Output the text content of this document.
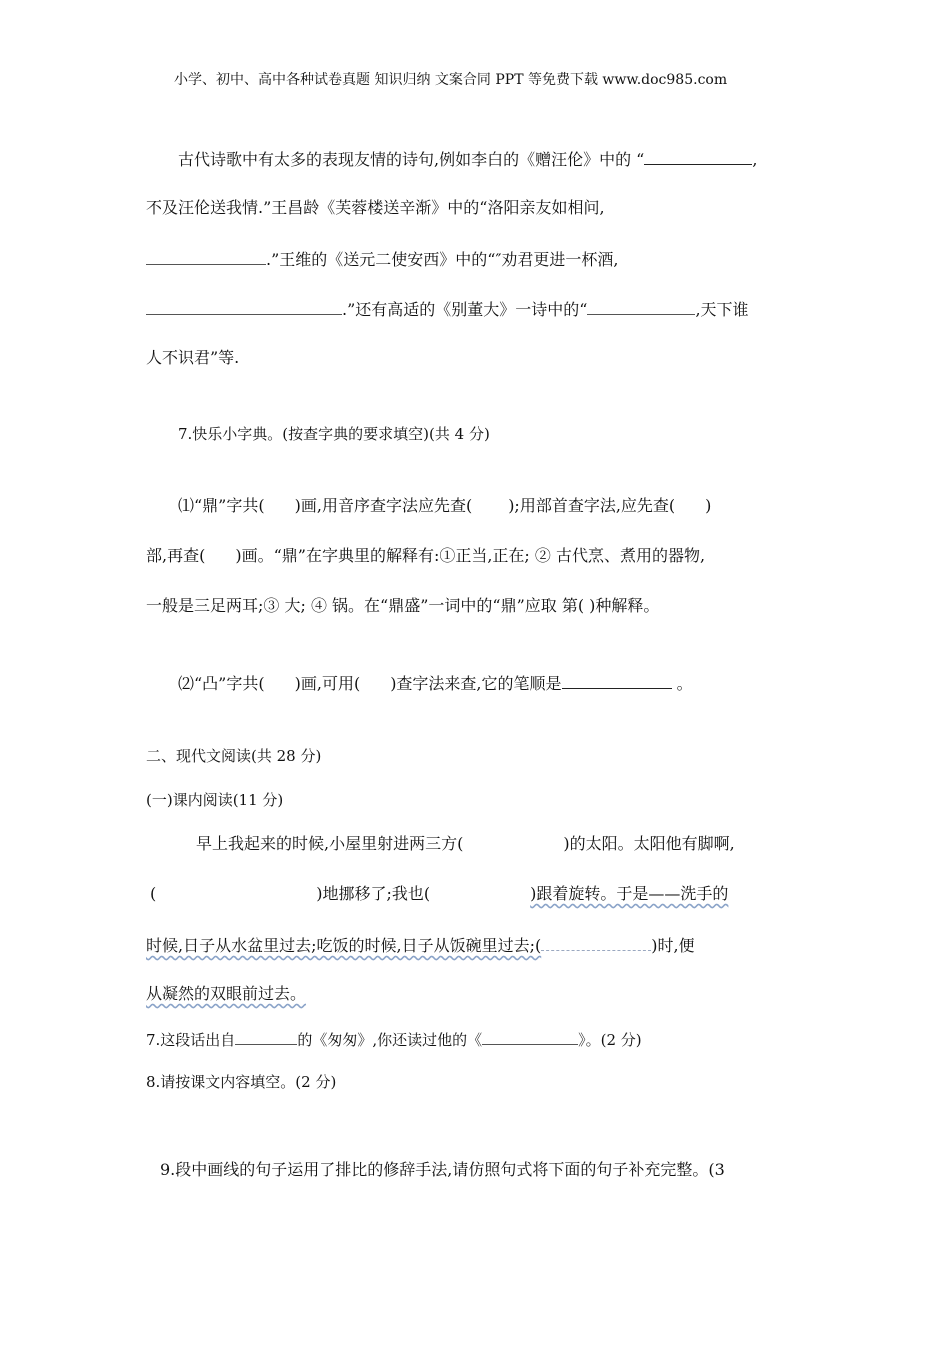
小学、初中、高中各种试卷真题 知识归纳 文案合同 PPT 等免费下载 www.doc985.com
古代诗歌中有太多的表现友情的诗句,例如李白的《赠汪伦》中的 “	,
不及汪伦送我情.”王昌龄《芙蓉楼送辛渐》中的“洛阳亲友如相问,
.”王维的《送元二使安西》中的“″劝君更进一杯酒,
.”还有高适的《别董大》一诗中的“	,天下谁
人不识君”等.
7.快乐小字典。(按查字典的要求填空)(共 4 分)
⑴“鼎”字共( )画,用音序查字法应先查( );用部首查字法,应先查( )
部,再查( )画。“鼎”在字典里的解释有:①正当,正在; ② 古代烹、煮用的器物,
一般是三足两耳;③ 大; ④ 锅。在“鼎盛”一词中的“鼎”应取 第( )种解释。
⑵“凸”字共( )画,可用( )查字法来查,它的笔顺是	。
二、现代文阅读(共 28 分)
(一)课内阅读(11 分)
早上我起来的时候,小屋里射进两三方(	)的太阳。太阳他有脚啊,
(	)地挪移了;我也(	)跟着旋转。于是——洗手的
时候,日子从水盆里过去;吃饭的时候,日子从饭碗里过去;(	)时,便
从凝然的双眼前过去。
7.这段话出自	的《匆匆》,你还读过他的《	》。(2 分)
8.请按课文内容填空。(2 分)
9.段中画线的句子运用了排比的修辞手法,请仿照句式将下面的句子补充完整。(3
